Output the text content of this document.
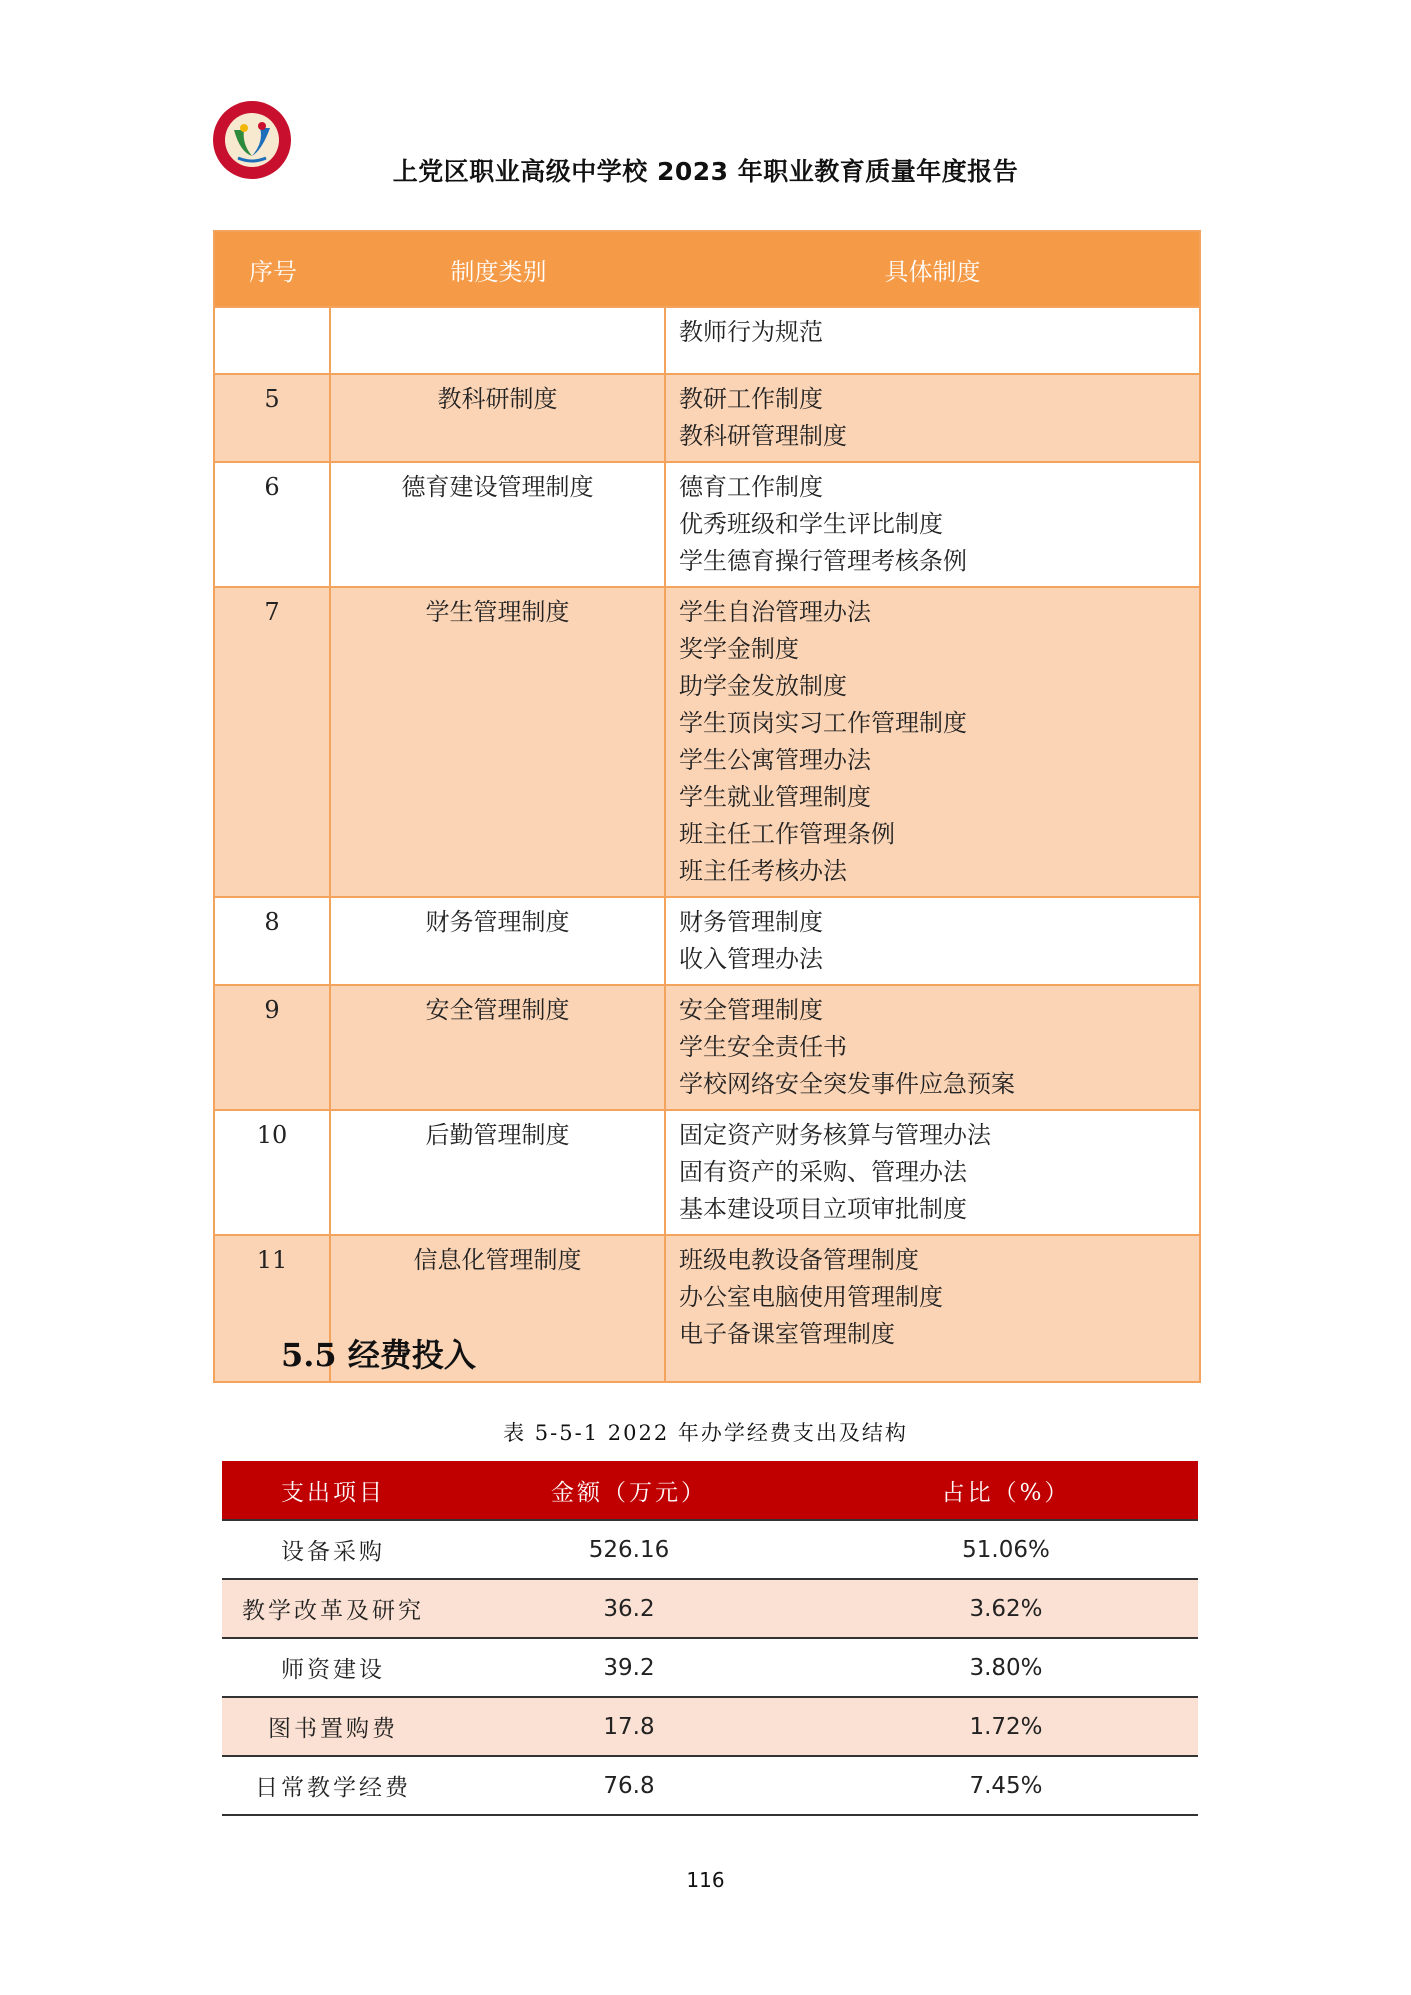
上党区职业高级中学校 2023 年职业教育质量年度报告
序号	制度类别	具体制度
教师行为规范
5	教科研制度	教研工作制度
教科研管理制度
6	德育建设管理制度	德育工作制度
优秀班级和学生评比制度
学生德育操行管理考核条例
7	学生管理制度	学生自治管理办法
奖学金制度
助学金发放制度
学生顶岗实习工作管理制度
学生公寓管理办法
学生就业管理制度
班主任工作管理条例
班主任考核办法
8	财务管理制度	财务管理制度
收入管理办法
9	安全管理制度	安全管理制度
学生安全责任书
学校网络安全突发事件应急预案
10	后勤管理制度	固定资产财务核算与管理办法
固有资产的采购、管理办法
基本建设项目立项审批制度
11	信息化管理制度	班级电教设备管理制度
办公室电脑使用管理制度
电子备课室管理制度
5.5 经费投入
表 5-5-1 2022 年办学经费支出及结构
支出项目	金额（万元）	占比（%）
设备采购	526.16	51.06%
教学改革及研究	36.2	3.62%
师资建设	39.2	3.80%
图书置购费	17.8	1.72%
日常教学经费	76.8	7.45%
116
